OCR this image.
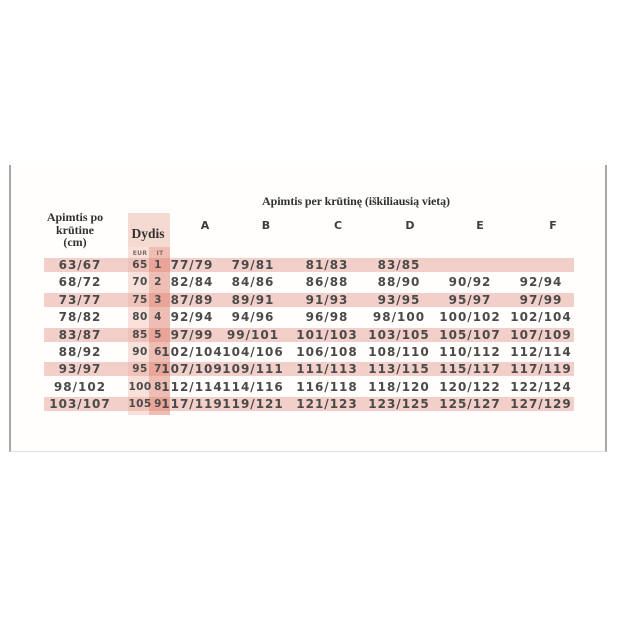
Apimtis per krūtinę (iškiliausią vietą)
Apimtis po
krūtine
(cm)
Dydis
EUR IT
A	B	C	D	E	F
63/67	65 1 77/79 79/81	81/83 83/85
68/72	70 2 82/84 84/86	86/88 88/90 90/92 92/94
73/77	75 3 87/89 89/91	91/93 93/95 95/97 97/99
78/82	80 4 92/94 94/96	96/98 98/100 100/102 102/104
83/87	85 5 97/99 99/101 101/103 103/105 105/107 107/109
88/92	90 6 102/104 104/106 106/108 108/110 110/112 112/114
93/97	95 7 107/109 109/111 111/113 113/115 115/117 117/119
98/102 100 8 112/114 114/116 116/118 118/120 120/122 122/124
103/107 105 9 117/119 119/121 121/123 123/125 125/127 127/129
